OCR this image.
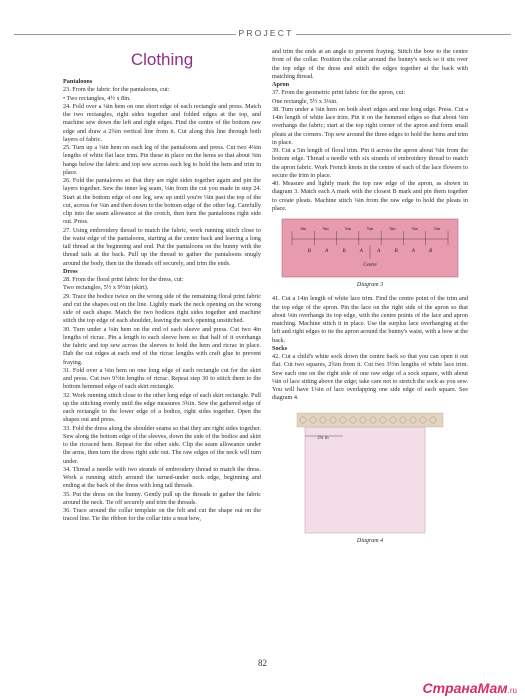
PROJECT
Clothing

Pantaloons

23. From the fabric for the pantaloons, cut:

• Two rectangles, 4½ x 8in.

24. Fold over a ⅛in hem on one short edge of each rectangle and press. Match the two rectangles, right sides together and folded edges at the top, and machine sew down the left and right edges. Find the centre of the bottom raw edge and draw a 2¾in vertical line from it. Cut along this line through both layers of fabric.

25. Turn up a ⅛in hem on each leg of the pantaloons and press. Cut two 4⅛in lengths of white flat lace trim. Pin these in place on the hems so that about ⅜in hangs below the fabric and top sew across each leg to hold the hem and trim in place.

26. Fold the pantaloons so that they are right sides together again and pin the layers together. Sew the inner leg seam, ⅛in from the cut you made in step 24. Start at the bottom edge of one leg, sew up until you're ⅛in past the top of the cut, across for ⅛in and then down to the bottom edge of the other leg. Carefully clip into the seam allowance at the crotch, then turn the pantaloons right side out. Press.

27. Using embroidery thread to match the fabric, work running stitch close to the waist edge of the pantaloons, starting at the centre back and leaving a long tail thread at the beginning and end. Put the pantaloons on the bunny with the thread tails at the back. Pull up the thread to gather the pantaloons snugly around the body, then tie the threads off securely, and trim the ends.

Dress

28. From the floral print fabric for the dress, cut:

Two rectangles, 5½ x 9½in (skirt).

29. Trace the bodice twice on the wrong side of the remaining floral print fabric and cut the shapes out on the line. Lightly mark the neck opening on the wrong side of each shape. Match the two bodices right sides together and machine stitch the top edge of each shoulder, leaving the neck opening unstitched.

30. Turn under a ⅛in hem on the end of each sleeve and press. Cut two 4in lengths of ricrac. Pin a length to each sleeve hem so that half of it overhangs the fabric and top sew across the sleeves to hold the hem and ricrac in place. Dab the cut edges at each end of the ricrac lengths with craft glue to prevent fraying.

31. Fold over a ⅛in hem on one long edge of each rectangle cut for the skirt and press. Cut two 9½in lengths of ricrac. Repeat step 30 to stitch them to the bottom hemmed edge of each skirt rectangle.

32. Work running stitch close to the other long edge of each skirt rectangle. Pull up the stitching evenly until the edge measures 3¾in. Sew the gathered edge of each rectangle to the lower edge of a bodice, right sides together. Open the shapes out and press.

33. Fold the dress along the shoulder seams so that they are right sides together. Sew along the bottom edge of the sleeves, down the side of the bodice and skirt to the ricraced hem. Repeat for the other side. Clip the seam allowance under the arms, then turn the dress right side out. The raw edges of the neck will turn under.

34. Thread a needle with two strands of embroidery thread to match the dress. Work a running stitch around the turned-under neck edge, beginning and ending at the back of the dress with long tail threads.

35. Put the dress on the bunny. Gently pull up the threads to gather the fabric around the neck. Tie off securely and trim the threads.

36. Trace around the collar template on the felt and cut the shape out on the traced line. Tie the ribbon for the collar into a neat bow,

and trim the ends at an angle to prevent fraying. Stitch the bow to the centre front of the collar. Position the collar around the bunny's neck so it sits over the top edge of the dress and stitch the edges together at the back with matching thread.

Apron

37. From the geometric print fabric for the apron, cut:

One rectangle, 5½ x 3⅛in.

38. Turn under a ⅛in hem on both short edges and one long edge. Press. Cut a 14in length of white lace trim. Pin it on the hemmed edges so that about ⅛in overhangs the fabric; start at the top right corner of the apron and form small pleats at the corners. Top sew around the three edges to hold the hems and trim in place.

39. Cut a 5in length of floral trim. Pin it across the apron about ⅝in from the bottom edge. Thread a needle with six strands of embroidery thread to match the apron fabric. Work French knots in the centre of each of the lace flowers to secure the trim in place.

40. Measure and lightly mark the top raw edge of the apron, as shown in diagram 3. Match each A mark with the closest B mark and pin them together to create pleats. Machine stitch ⅛in from the raw edge to hold the pleats in place.

⅞in	⅞in	⅞in	⅞in	⅞in	⅞in	⅞in
B	A	B	A	A	B	A	B
Centre
Diagram 3

41. Cut a 14in length of white lace trim. Find the centre point of the trim and the top edge of the apron. Pin the lace on the right side of the apron so that about ⅛in overhangs its top edge, with the centre points of the lace and apron matching. Machine stitch it in place. Use the surplus lace overhanging at the left and right edges to tie the apron around the bunny's waist, with a bow at the back.

Socks

42. Cut a child's white sock down the centre back so that you can open it out flat. Cut two squares, 2¾in from it. Cut two 3½in lengths of white lace trim. Sew each one on the right side of one raw edge of a sock square, with about ⅛in of lace sitting above the edge; take care not to stretch the sock as you sew. You will have 1¼in of lace overlapping one side edge of each square. See diagram 4.

2¾ in
Diagram 4
82
СтранаМам.ru
